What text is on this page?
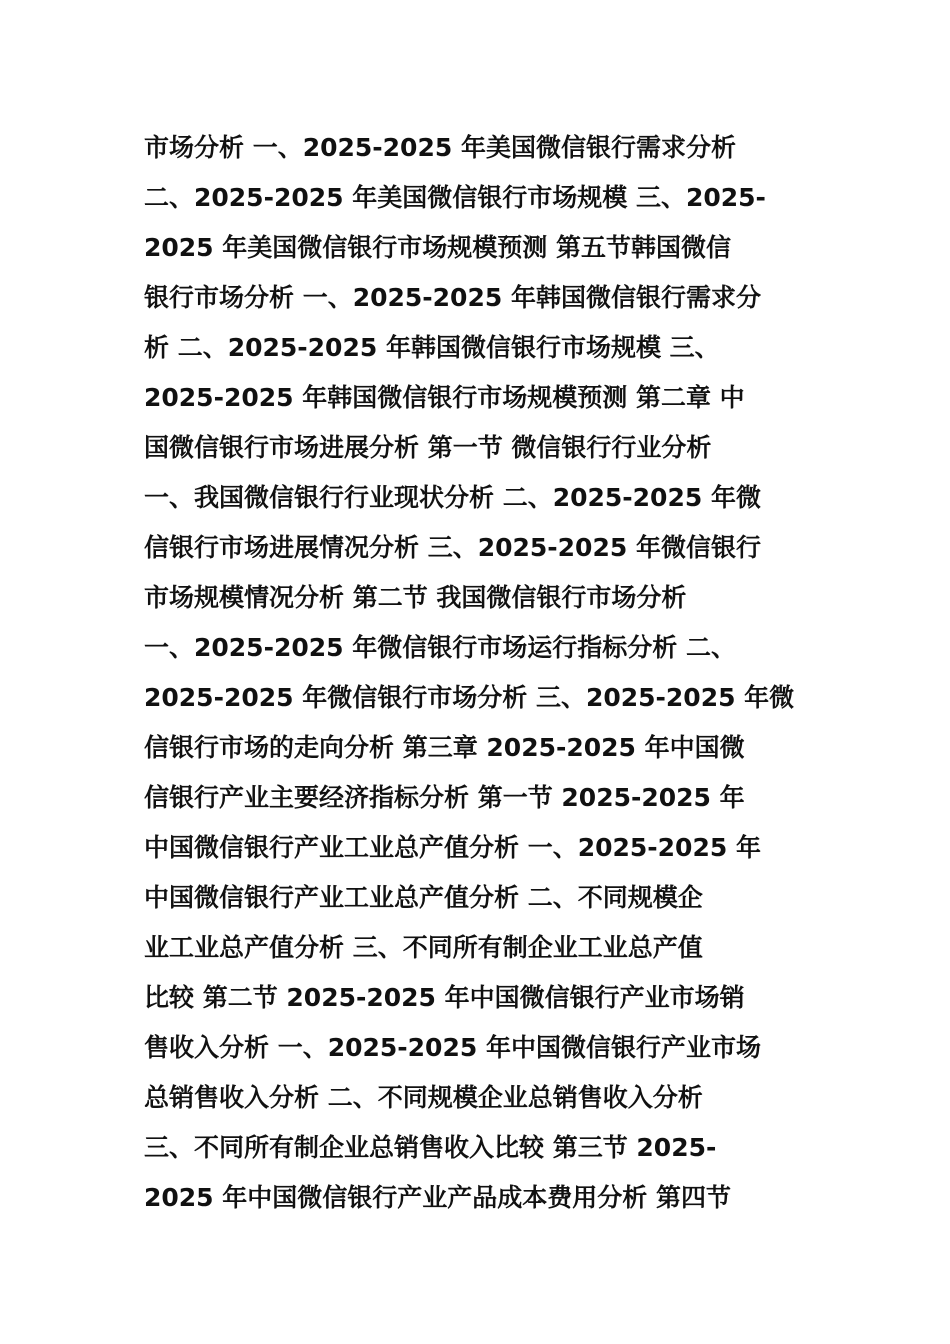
市场分析 一、2025-2025 年美国微信银行需求分析
二、2025-2025 年美国微信银行市场规模 三、2025-
2025 年美国微信银行市场规模预测 第五节韩国微信
银行市场分析 一、2025-2025 年韩国微信银行需求分
析 二、2025-2025 年韩国微信银行市场规模 三、
2025-2025 年韩国微信银行市场规模预测 第二章 中
国微信银行市场进展分析 第一节 微信银行行业分析
一、我国微信银行行业现状分析 二、2025-2025 年微
信银行市场进展情况分析 三、2025-2025 年微信银行
市场规模情况分析 第二节 我国微信银行市场分析
一、2025-2025 年微信银行市场运行指标分析 二、
2025-2025 年微信银行市场分析 三、2025-2025 年微
信银行市场的走向分析 第三章 2025-2025 年中国微
信银行产业主要经济指标分析 第一节 2025-2025 年
中国微信银行产业工业总产值分析 一、2025-2025 年
中国微信银行产业工业总产值分析 二、不同规模企
业工业总产值分析 三、不同所有制企业工业总产值
比较 第二节 2025-2025 年中国微信银行产业市场销
售收入分析 一、2025-2025 年中国微信银行产业市场
总销售收入分析 二、不同规模企业总销售收入分析
三、不同所有制企业总销售收入比较 第三节 2025-
2025 年中国微信银行产业产品成本费用分析 第四节
